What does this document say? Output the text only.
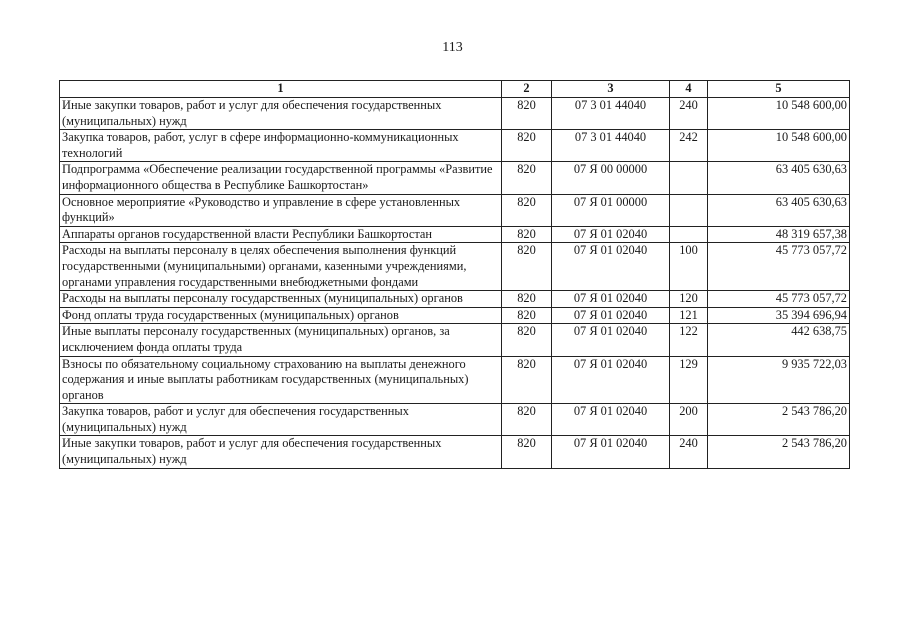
113
1	2	3	4	5
Иные закупки товаров, работ и услуг для обеспечения государственных (муниципальных) нужд	820	07 3 01 44040	240	10 548 600,00
Закупка товаров, работ, услуг в сфере информационно-коммуникационных технологий	820	07 3 01 44040	242	10 548 600,00
Подпрограмма «Обеспечение реализации государственной программы «Развитие информационного общества в Республике Башкортостан»	820	07 Я 00 00000		63 405 630,63
Основное мероприятие «Руководство и управление в сфере установленных функций»	820	07 Я 01 00000		63 405 630,63
Аппараты органов государственной власти Республики Башкортостан	820	07 Я 01 02040		48 319 657,38
Расходы на выплаты персоналу в целях обеспечения выполнения функций государственными (муниципальными) органами, казенными учреждениями, органами управления государственными внебюджетными фондами	820	07 Я 01 02040	100	45 773 057,72
Расходы на выплаты персоналу государственных (муниципальных) органов	820	07 Я 01 02040	120	45 773 057,72
Фонд оплаты труда государственных (муниципальных) органов	820	07 Я 01 02040	121	35 394 696,94
Иные выплаты персоналу государственных (муниципальных) органов, за исключением фонда оплаты труда	820	07 Я 01 02040	122	442 638,75
Взносы по обязательному социальному страхованию на выплаты денежного содержания и иные выплаты работникам государственных (муниципальных) органов	820	07 Я 01 02040	129	9 935 722,03
Закупка товаров, работ и услуг для обеспечения государственных (муниципальных) нужд	820	07 Я 01 02040	200	2 543 786,20
Иные закупки товаров, работ и услуг для обеспечения государственных (муниципальных) нужд	820	07 Я 01 02040	240	2 543 786,20
